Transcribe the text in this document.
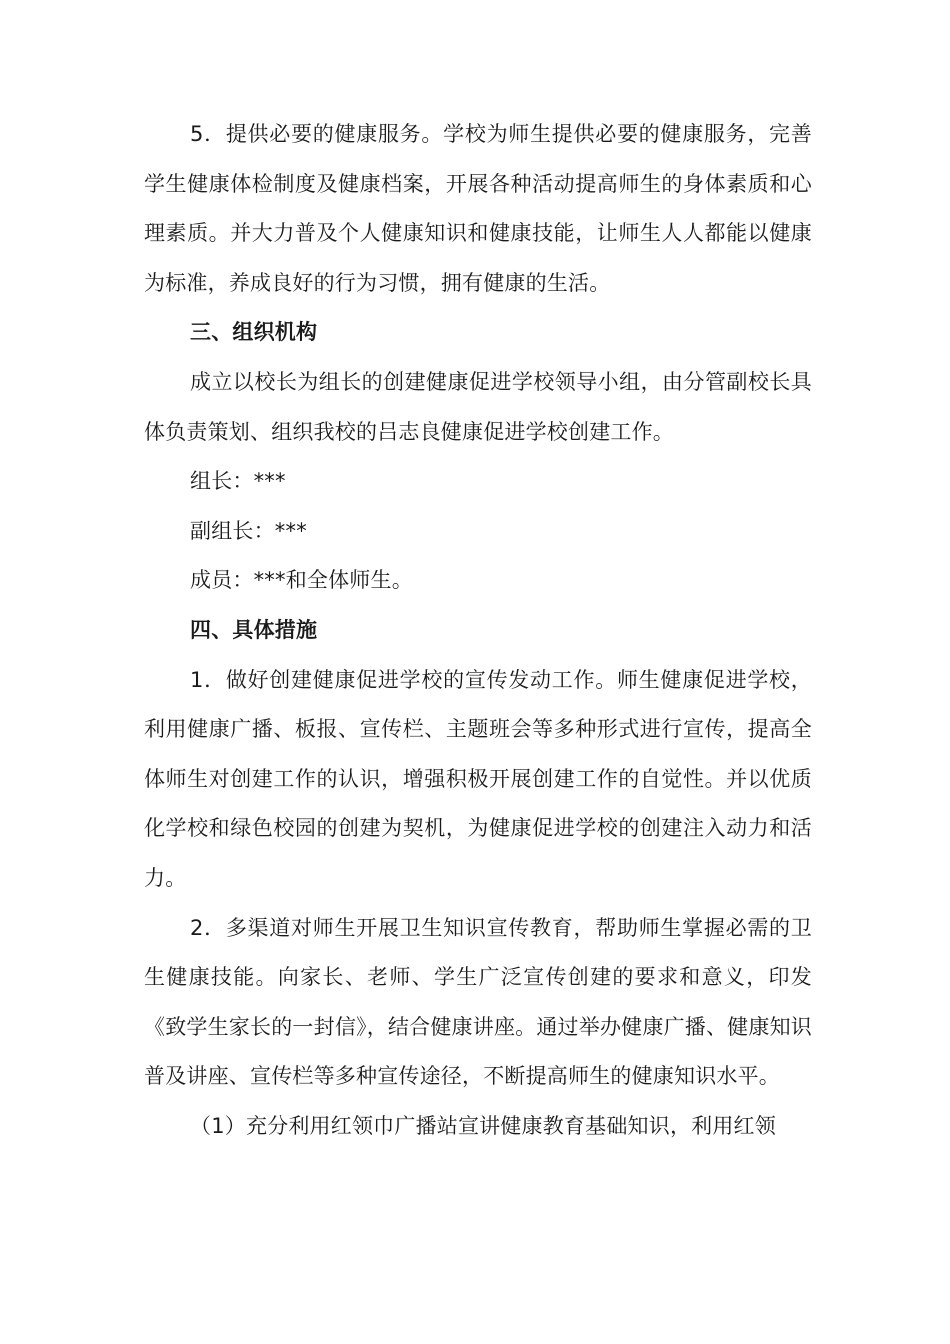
5．提供必要的健康服务。学校为师生提供必要的健康服务，完善学生健康体检制度及健康档案，开展各种活动提高师生的身体素质和心理素质。并大力普及个人健康知识和健康技能，让师生人人都能以健康为标准，养成良好的行为习惯，拥有健康的生活。

三、组织机构

成立以校长为组长的创建健康促进学校领导小组，由分管副校长具体负责策划、组织我校的吕志良健康促进学校创建工作。

组长：***

副组长：***

成员：***和全体师生。

四、具体措施

1．做好创建健康促进学校的宣传发动工作。师生健康促进学校，利用健康广播、板报、宣传栏、主题班会等多种形式进行宣传，提高全体师生对创建工作的认识，增强积极开展创建工作的自觉性。并以优质化学校和绿色校园的创建为契机，为健康促进学校的创建注入动力和活力。

2．多渠道对师生开展卫生知识宣传教育，帮助师生掌握必需的卫生健康技能。向家长、老师、学生广泛宣传创建的要求和意义，印发《致学生家长的一封信》，结合健康讲座。通过举办健康广播、健康知识普及讲座、宣传栏等多种宣传途径，不断提高师生的健康知识水平。

（1）充分利用红领巾广播站宣讲健康教育基础知识，利用红领
